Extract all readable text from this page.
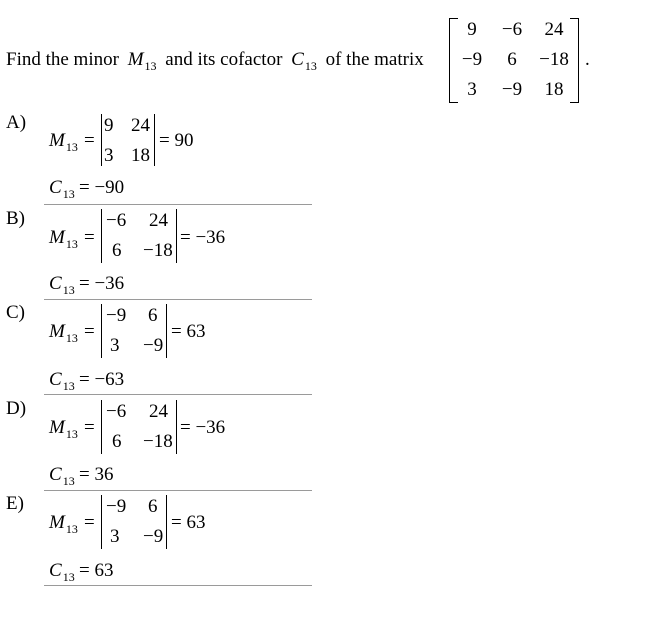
Find the minor $M_{13}$ and its cofactor $C_{13}$ of the matrix
9	−6	24
−9	6	−18
3	−9	18
.
A)
$M_{13}$ =
9 24
3 18
= 90
$C_{13} = -90$
B)
$M_{13}$ =
−6 24
6 −18
= −36
$C_{13} = -36$
C)
$M_{13}$ =
−9 6
3 −9
= 63
$C_{13} = -63$
D)
$M_{13}$ =
−6 24
6 −18
= −36
$C_{13} = 36$
E)
$M_{13}$ =
−9 6
3 −9
= 63
$C_{13} = 63$
